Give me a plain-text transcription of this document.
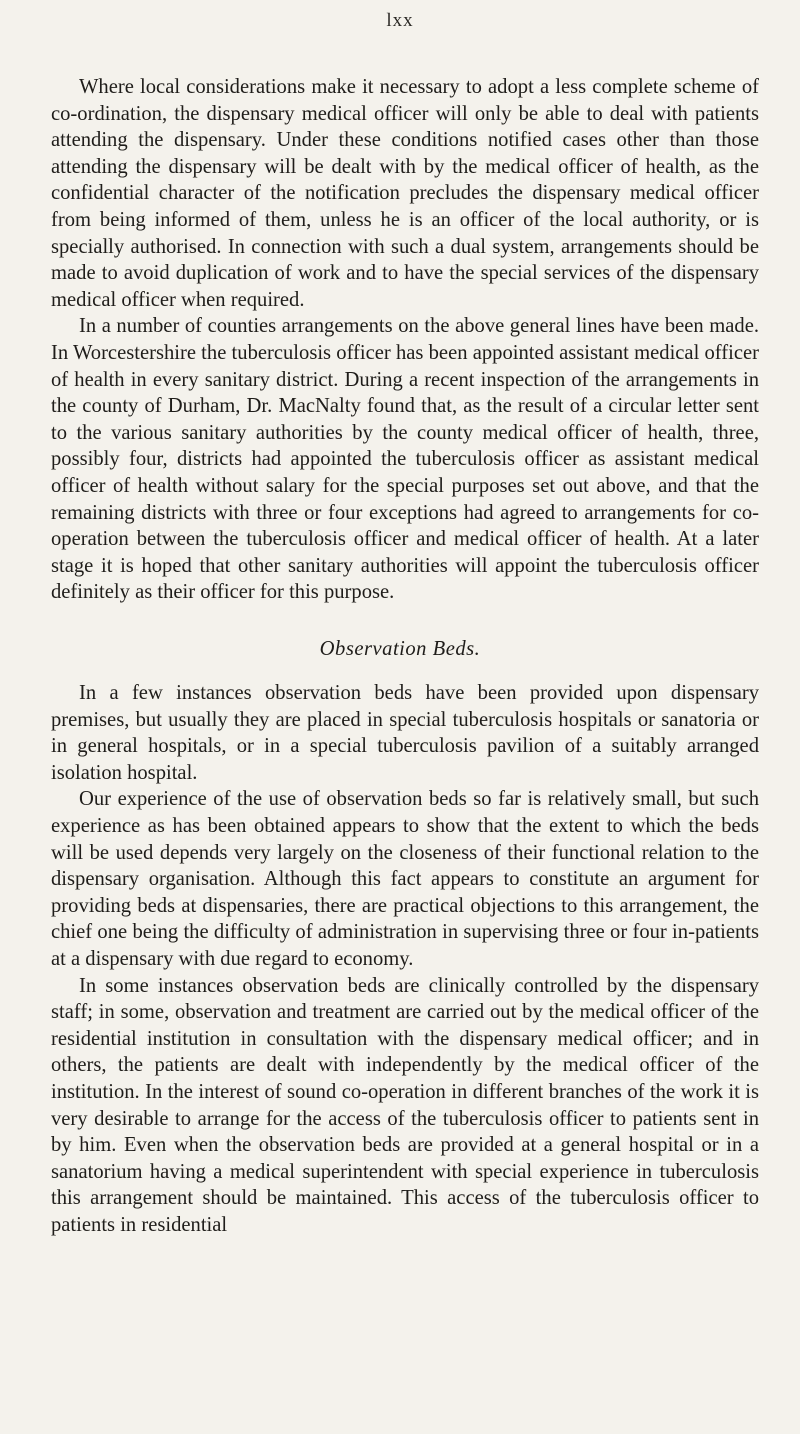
lxx

Where local considerations make it necessary to adopt a less complete scheme of co-ordination, the dispensary medical officer will only be able to deal with patients attending the dispensary. Under these conditions notified cases other than those attending the dispensary will be dealt with by the medical officer of health, as the confidential character of the notification precludes the dispensary medical officer from being informed of them, unless he is an officer of the local authority, or is specially authorised. In connection with such a dual system, arrangements should be made to avoid duplication of work and to have the special services of the dispensary medical officer when required.

In a number of counties arrangements on the above general lines have been made. In Worcestershire the tuberculosis officer has been appointed assistant medical officer of health in every sanitary district. During a recent inspection of the arrangements in the county of Durham, Dr. MacNalty found that, as the result of a circular letter sent to the various sanitary authorities by the county medical officer of health, three, possibly four, districts had appointed the tuberculosis officer as assistant medical officer of health without salary for the special purposes set out above, and that the remaining districts with three or four exceptions had agreed to arrangements for co-operation between the tuberculosis officer and medical officer of health. At a later stage it is hoped that other sanitary authorities will appoint the tuberculosis officer definitely as their officer for this purpose.

Observation Beds.

In a few instances observation beds have been provided upon dispensary premises, but usually they are placed in special tuberculosis hospitals or sanatoria or in general hospitals, or in a special tuberculosis pavilion of a suitably arranged isolation hospital.

Our experience of the use of observation beds so far is relatively small, but such experience as has been obtained appears to show that the extent to which the beds will be used depends very largely on the closeness of their functional relation to the dispensary organisation. Although this fact appears to constitute an argument for providing beds at dispensaries, there are practical objections to this arrangement, the chief one being the difficulty of administration in supervising three or four in-patients at a dispensary with due regard to economy.

In some instances observation beds are clinically controlled by the dispensary staff; in some, observation and treatment are carried out by the medical officer of the residential institution in consultation with the dispensary medical officer; and in others, the patients are dealt with independently by the medical officer of the institution. In the interest of sound co-operation in different branches of the work it is very desirable to arrange for the access of the tuberculosis officer to patients sent in by him. Even when the observation beds are provided at a general hospital or in a sanatorium having a medical superintendent with special experience in tuberculosis this arrangement should be maintained. This access of the tuberculosis officer to patients in residential
